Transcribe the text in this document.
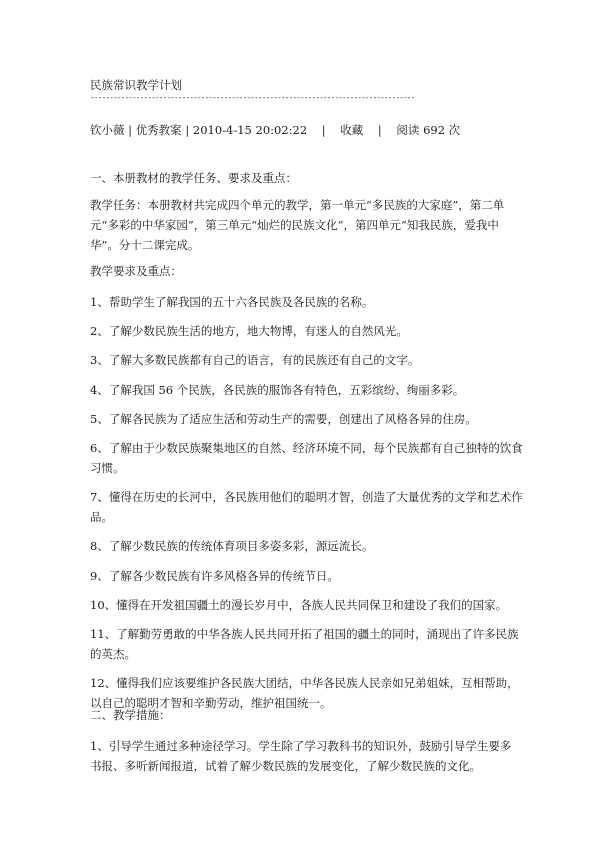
民族常识教学计划
-------------------------------------------------------------------------------------
钦小薇 | 优秀教案 | 2010-4-15 20:02:22    |    收藏    |    阅读 692 次
一、本册教材的教学任务、要求及重点：
教学任务：本册教材共完成四个单元的教学，第一单元“多民族的大家庭”，第二单元“多彩的中华家园”，第三单元“灿烂的民族文化”，第四单元“知我民族，爱我中华”。分十二课完成。
教学要求及重点：
1、帮助学生了解我国的五十六各民族及各民族的名称。
2、了解少数民族生活的地方，地大物博，有迷人的自然风光。
3、了解大多数民族都有自己的语言，有的民族还有自己的文字。
4、了解我国 56 个民族，各民族的服饰各有特色，五彩缤纷、绚丽多彩。
5、了解各民族为了适应生活和劳动生产的需要，创建出了风格各异的住房。
6、了解由于少数民族聚集地区的自然、经济环境不同，每个民族都有自己独特的饮食习惯。
7、懂得在历史的长河中，各民族用他们的聪明才智，创造了大量优秀的文学和艺术作品。
8、了解少数民族的传统体育项目多姿多彩，源远流长。
9、了解各少数民族有许多风格各异的传统节日。
10、懂得在开发祖国疆土的漫长岁月中，各族人民共同保卫和建设了我们的国家。
11、了解勤劳勇敢的中华各族人民共同开拓了祖国的疆土的同时，涌现出了许多民族的英杰。
12、懂得我们应该要维护各民族大团结，中华各民族人民亲如兄弟姐妹，互相帮助，以自己的聪明才智和辛勤劳动，维护祖国统一。
二、教学措施：
1、引导学生通过多种途径学习。学生除了学习教科书的知识外，鼓励引导学生要多书报、多听新闻报道，试着了解少数民族的发展变化，了解少数民族的文化。
